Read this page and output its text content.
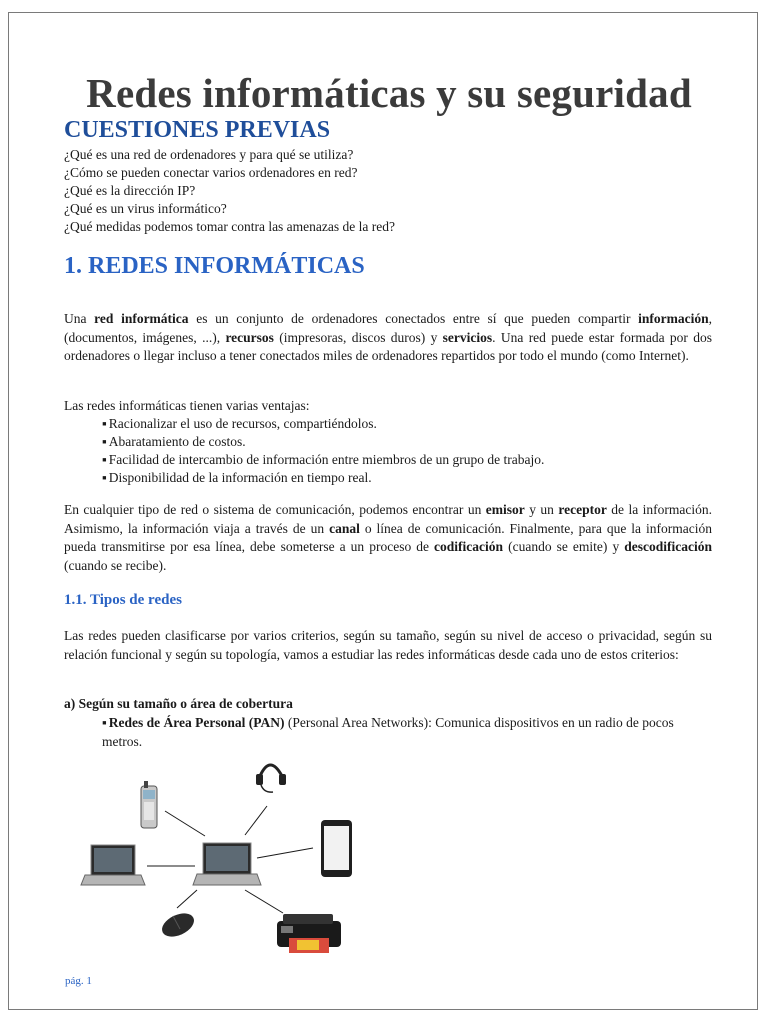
Redes informáticas y su seguridad
CUESTIONES PREVIAS
¿Qué es una red de ordenadores y para qué se utiliza?
¿Cómo se pueden conectar varios ordenadores en red?
¿Qué es la dirección IP?
¿Qué es un virus informático?
¿Qué medidas podemos tomar contra las amenazas de la red?
1. REDES INFORMÁTICAS
Una red informática es un conjunto de ordenadores conectados entre sí que pueden compartir información, (documentos, imágenes, ...), recursos (impresoras, discos duros) y servicios. Una red puede estar formada por dos ordenadores o llegar incluso a tener conectados miles de ordenadores repartidos por todo el mundo (como Internet).
Las redes informáticas tienen varias ventajas:
▪ Racionalizar el uso de recursos, compartiéndolos.
▪ Abaratamiento de costos.
▪ Facilidad de intercambio de información entre miembros de un grupo de trabajo.
▪ Disponibilidad de la información en tiempo real.
En cualquier tipo de red o sistema de comunicación, podemos encontrar un emisor y un receptor de la información. Asimismo, la información viaja a través de un canal o línea de comunicación. Finalmente, para que la información pueda transmitirse por esa línea, debe someterse a un proceso de codificación (cuando se emite) y descodificación (cuando se recibe).
1.1. Tipos de redes
Las redes pueden clasificarse por varios criterios, según su tamaño, según su nivel de acceso o privacidad, según su relación funcional y según su topología, vamos a estudiar las redes informáticas desde cada uno de estos criterios:
a) Según su tamaño o área de cobertura
▪ Redes de Área Personal (PAN) (Personal Area Networks): Comunica dispositivos en un radio de pocos metros.
pág. 1
